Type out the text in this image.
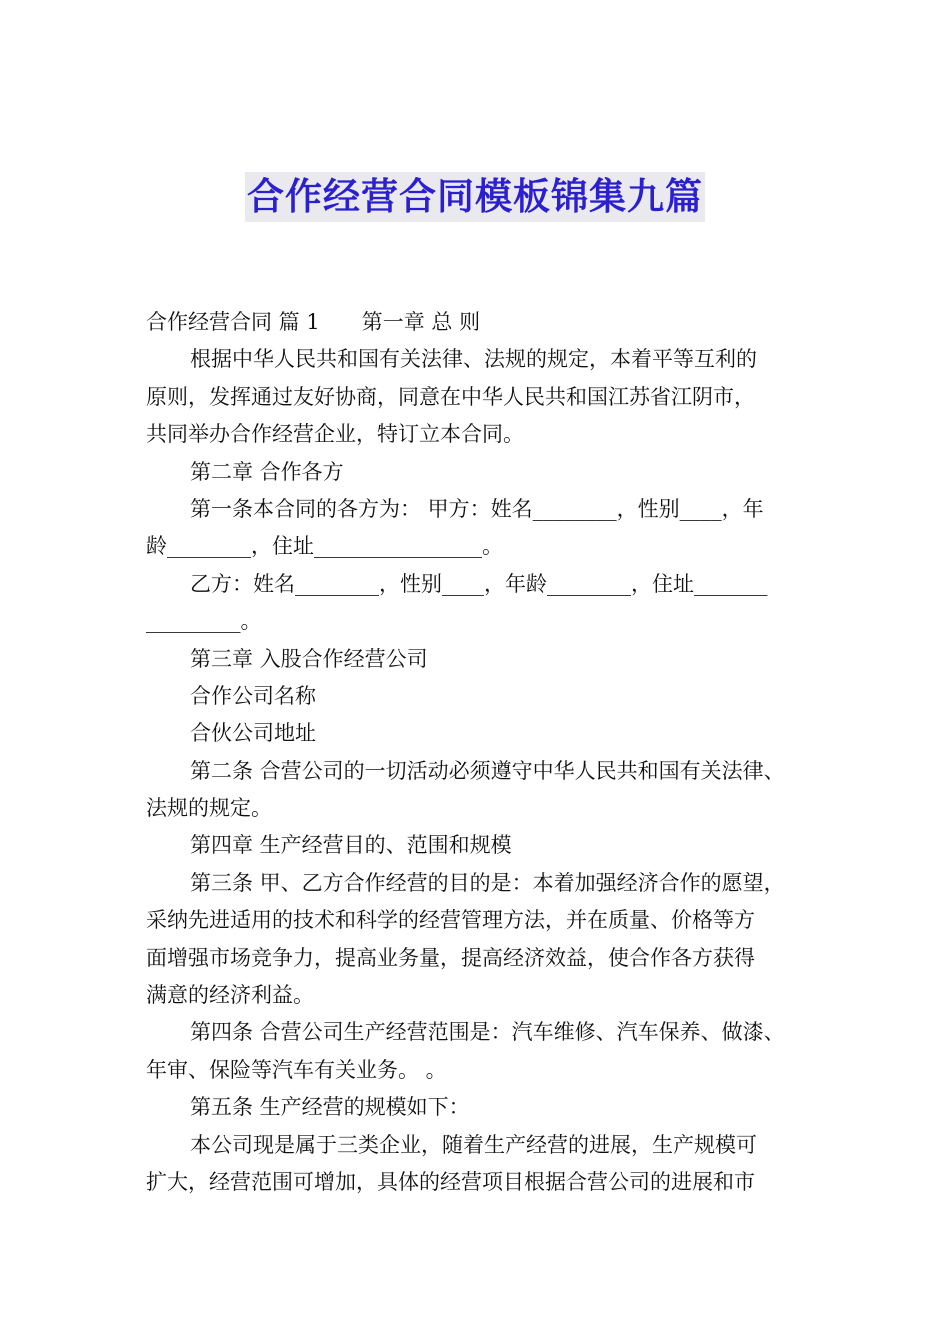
合作经营合同模板锦集九篇
合作经营合同 篇 1 第一章 总 则
根据中华人民共和国有关法律、法规的规定，本着平等互利的
原则，发挥通过友好协商，同意在中华人民共和国江苏省江阴市，
共同举办合作经营企业，特订立本合同。
第二章 合作各方
第一条本合同的各方为： 甲方：姓名________，性别____，年
龄________，住址________________。
乙方：姓名________，性别____，年龄________，住址_______
_________。
第三章 入股合作经营公司
合作公司名称
合伙公司地址
第二条 合营公司的一切活动必须遵守中华人民共和国有关法律、
法规的规定。
第四章 生产经营目的、范围和规模
第三条 甲、乙方合作经营的目的是：本着加强经济合作的愿望，
采纳先进适用的技术和科学的经营管理方法，并在质量、价格等方
面增强市场竞争力，提高业务量，提高经济效益，使合作各方获得
满意的经济利益。
第四条 合营公司生产经营范围是：汽车维修、汽车保养、做漆、
年审、保险等汽车有关业务。 。
第五条 生产经营的规模如下：
本公司现是属于三类企业，随着生产经营的进展，生产规模可
扩大，经营范围可增加，具体的经营项目根据合营公司的进展和市
